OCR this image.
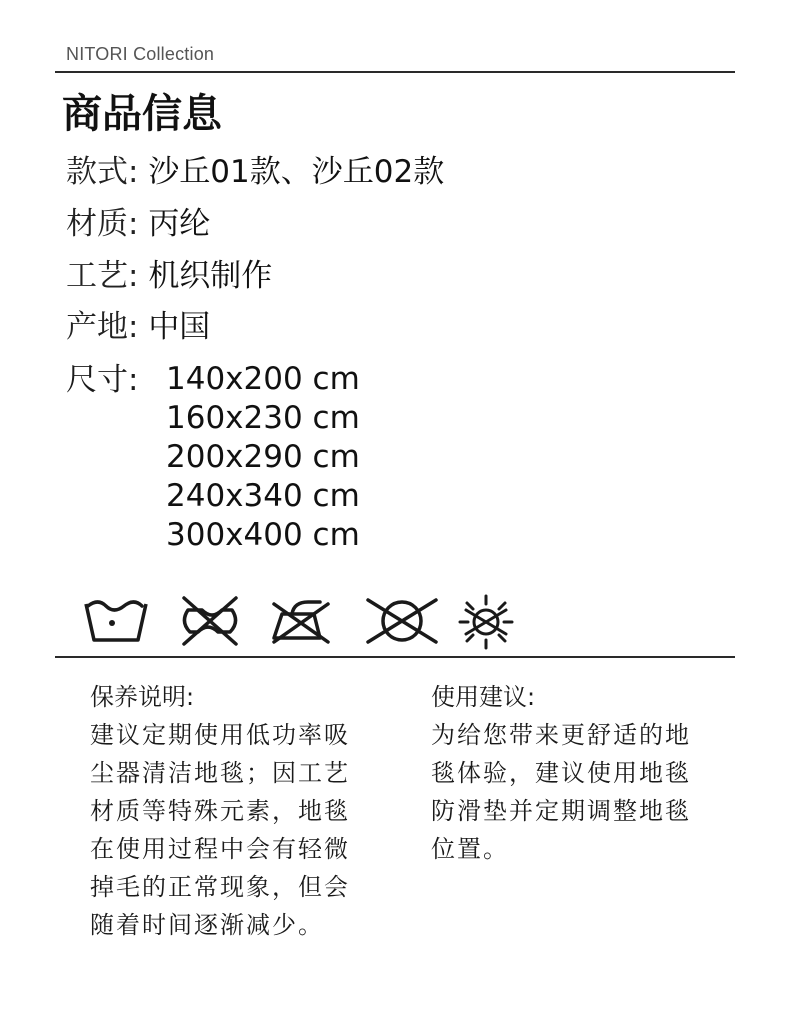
NITORI Collection
商品信息
款式: 沙丘01款、沙丘02款
材质: 丙纶
工艺: 机织制作
产地: 中国
尺寸: 140x200 cm
160x230 cm
200x290 cm
240x340 cm
300x400 cm
保养说明:
建议定期使用低功率吸
尘器清洁地毯；因工艺
材质等特殊元素，地毯
在使用过程中会有轻微
掉毛的正常现象，但会
随着时间逐渐减少。
使用建议:
为给您带来更舒适的地
毯体验，建议使用地毯
防滑垫并定期调整地毯
位置。
